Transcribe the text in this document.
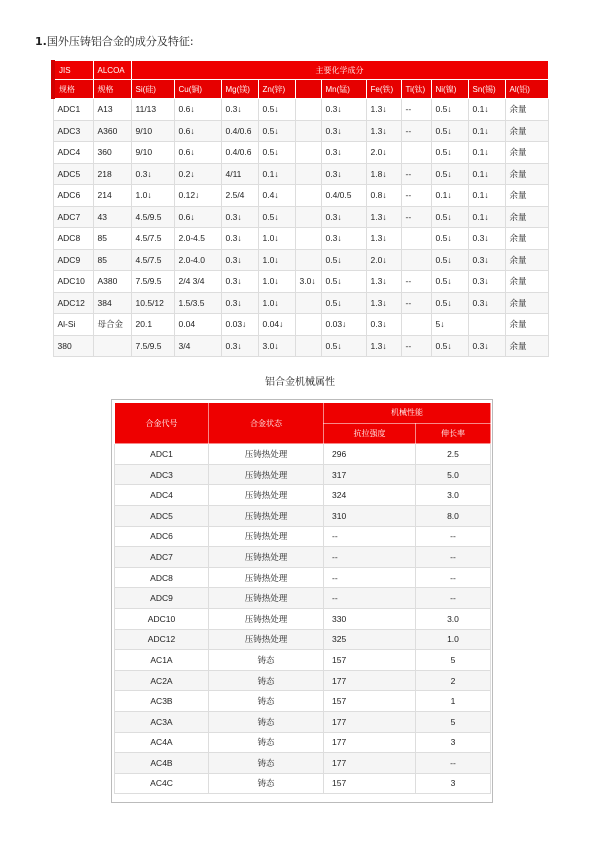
1.国外压铸铝合金的成分及特征:
JIS	ALCOA	主要化学成分										
规格	规格	Si(硅)	Cu(铜)	Mg(镁)	Zn(锌)		Mn(锰)	Fe(铁)	Ti(钛)	Ni(镍)	Sn(锡)	Al(铝)
ADC1	A13	11/13	0.6↓	0.3↓	0.5↓		0.3↓	1.3↓	--	0.5↓	0.1↓	余量
ADC3	A360	9/10	0.6↓	0.4/0.6	0.5↓		0.3↓	1.3↓	--	0.5↓	0.1↓	余量
ADC4	360	9/10	0.6↓	0.4/0.6	0.5↓		0.3↓	2.0↓		0.5↓	0.1↓	余量
ADC5	218	0.3↓	0.2↓	4/11	0.1↓		0.3↓	1.8↓	--	0.5↓	0.1↓	余量
ADC6	214	1.0↓	0.12↓	2.5/4	0.4↓		0.4/0.5	0.8↓	--	0.1↓	0.1↓	余量
ADC7	43	4.5/9.5	0.6↓	0.3↓	0.5↓		0.3↓	1.3↓	--	0.5↓	0.1↓	余量
ADC8	85	4.5/7.5	2.0-4.5	0.3↓	1.0↓		0.3↓	1.3↓		0.5↓	0.3↓	余量
ADC9	85	4.5/7.5	2.0-4.0	0.3↓	1.0↓		0.5↓	2.0↓		0.5↓	0.3↓	余量
ADC10	A380	7.5/9.5	2/4 3/4	0.3↓	1.0↓	3.0↓	0.5↓	1.3↓	--	0.5↓	0.3↓	余量
ADC12	384	10.5/12	1.5/3.5	0.3↓	1.0↓		0.5↓	1.3↓	--	0.5↓	0.3↓	余量
Al-Si	母合金	20.1	0.04	0.03↓	0.04↓		0.03↓	0.3↓		5↓		余量
380		7.5/9.5	3/4	0.3↓	3.0↓		0.5↓	1.3↓	--	0.5↓	0.3↓	余量
铝合金机械属性
合金代号	合金状态	机械性能	
		抗拉强度	伸长率
ADC1	压铸热处理	296	2.5
ADC3	压铸热处理	317	5.0
ADC4	压铸热处理	324	3.0
ADC5	压铸热处理	310	8.0
ADC6	压铸热处理	--	--
ADC7	压铸热处理	--	--
ADC8	压铸热处理	--	--
ADC9	压铸热处理	--	--
ADC10	压铸热处理	330	3.0
ADC12	压铸热处理	325	1.0
AC1A	铸态	157	5
AC2A	铸态	177	2
AC3B	铸态	157	1
AC3A	铸态	177	5
AC4A	铸态	177	3
AC4B	铸态	177	--
AC4C	铸态	157	3
